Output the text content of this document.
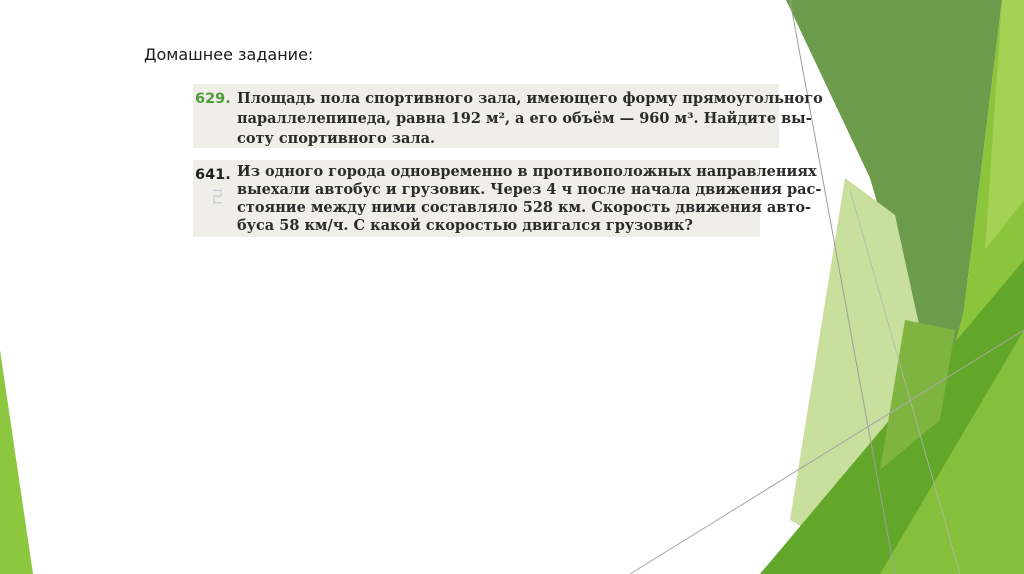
Домашнее задание:
629. Площадь пола спортивного зала, имеющего форму прямоугольного
параллелепипеда, равна 192 м², а его объём — 960 м³. Найдите вы-
соту спортивного зала.
641. Из одного города одновременно в противоположных направлениях
выехали автобус и грузовик. Через 4 ч после начала движения рас-
стояние между ними составляло 528 км. Скорость движения авто-
буса 58 км/ч. С какой скоростью двигался грузовик?
ru
